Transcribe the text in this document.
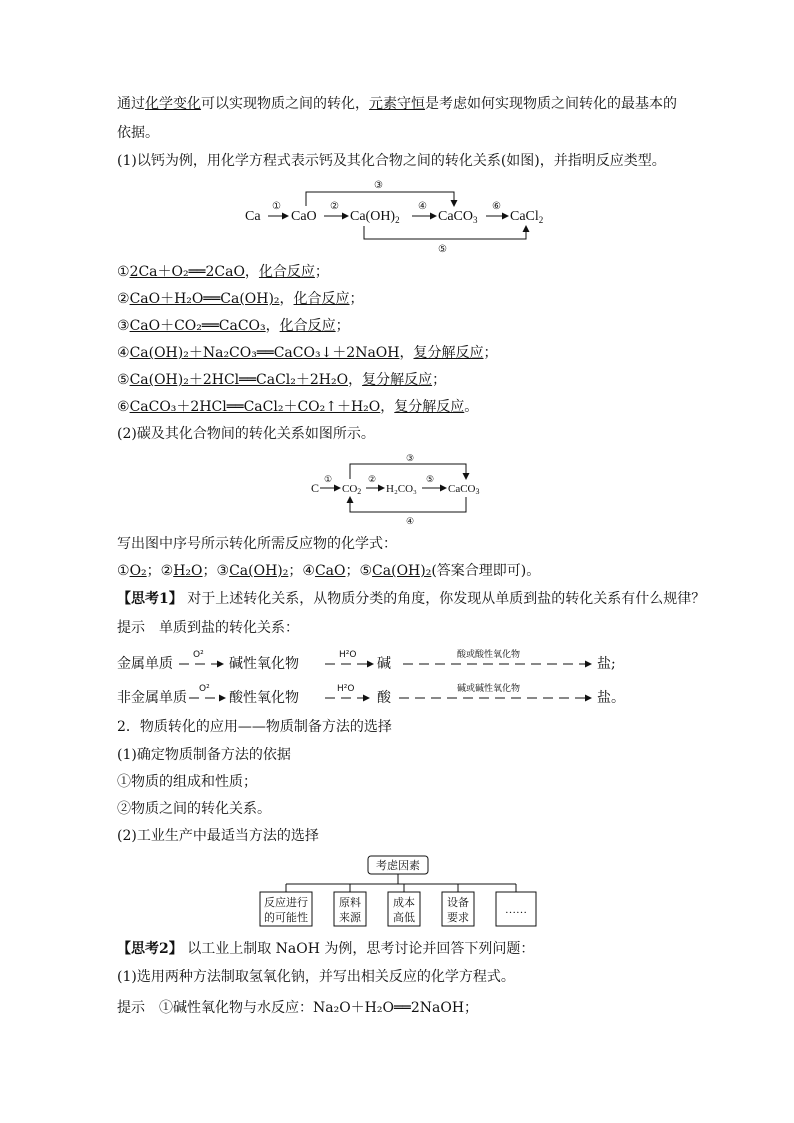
通过化学变化可以实现物质之间的转化，元素守恒是考虑如何实现物质之间转化的最基本的
依据。
(1)以钙为例，用化学方程式表示钙及其化合物之间的转化关系(如图)，并指明反应类型。
Ca
①
CaO
②
$Ca(OH)_2$
④
CaCO$_3$
⑥
CaCl$_2$
③
⑤
①2Ca＋O₂══2CaO，化合反应；
②CaO＋H₂O══Ca(OH)₂，化合反应；
③CaO＋CO₂══CaCO₃，化合反应；
④Ca(OH)₂＋Na₂CO₃══CaCO₃↓＋2NaOH，复分解反应；
⑤Ca(OH)₂＋2HCl══CaCl₂＋2H₂O，复分解反应；
⑥CaCO₃＋2HCl══CaCl₂＋CO₂↑＋H₂O，复分解反应。
(2)碳及其化合物间的转化关系如图所示。
C
①
CO2
②
H₂CO₃
⑤
CaCO3
③
④
写出图中序号所示转化所需反应物的化学式：
①O₂；②H₂O；③Ca(OH)₂；④CaO；⑤Ca(OH)₂(答案合理即可)。
【思考1】 对于上述转化关系，从物质分类的角度，你发现从单质到盐的转化关系有什么规律？
提示　单质到盐的转化关系：
金属单质
O²	H²O	酸或酸性氧化物
碱性氧化物	碱	盐;
非金属单质
O²	H²O	碱或碱性氧化物
酸性氧化物	酸	盐。
2．物质转化的应用——物质制备方法的选择
(1)确定物质制备方法的依据
①物质的组成和性质；
②物质之间的转化关系。
(2)工业生产中最适当方法的选择
考虑因素
反应进行
的可能性
原料
来源
成本
高低
设备
要求
……
【思考2】 以工业上制取 NaOH 为例，思考讨论并回答下列问题：
(1)选用两种方法制取氢氧化钠，并写出相关反应的化学方程式。
提示　①碱性氧化物与水反应：Na₂O＋H₂O══2NaOH；
